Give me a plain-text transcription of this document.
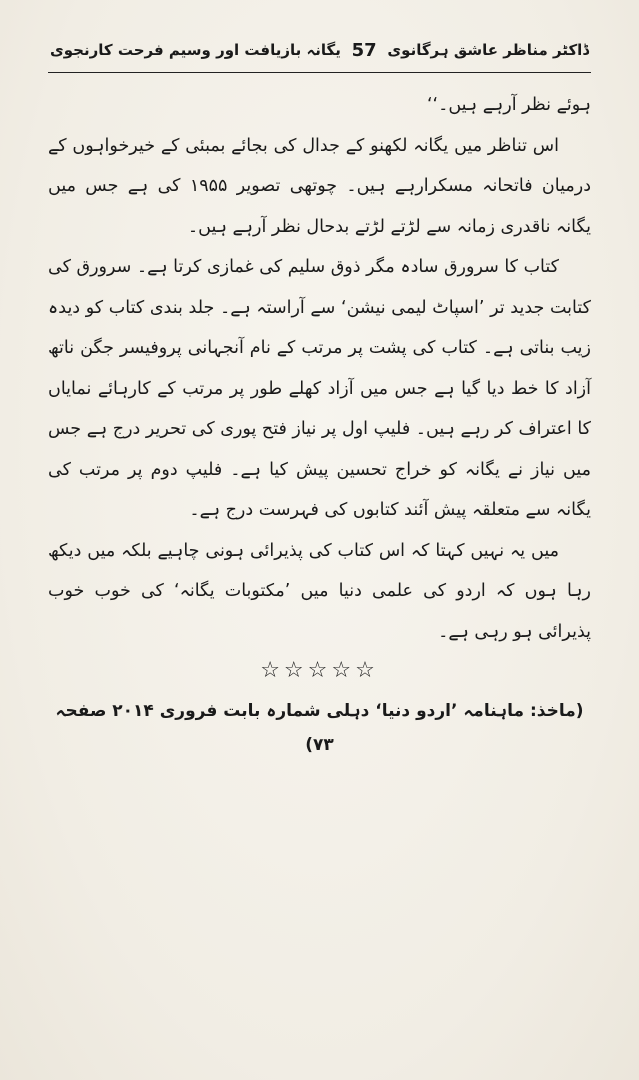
ڈاکٹر مناظر عاشق ہرگانوی
57
یگانہ بازیافت اور وسیم فرحت کارنجوی

ہوئے نظر آرہے ہیں۔‘‘

اس تناظر میں یگانہ لکھنو کے جدال کی بجائے بمبئی کے خیرخواہوں کے درمیان فاتحانہ مسکرارہے ہیں۔ چوتھی تصویر ۱۹۵۵ کی ہے جس میں یگانہ ناقدری زمانہ سے لڑتے لڑتے بدحال نظر آرہے ہیں۔

کتاب کا سرورق سادہ مگر ذوق سلیم کی غمازی کرتا ہے۔ سرورق کی کتابت جدید تر ’اسپاٹ لیمی نیشن‘ سے آراستہ ہے۔ جلد بندی کتاب کو دیدہ زیب بناتی ہے۔ کتاب کی پشت پر مرتب کے نام آنجہانی پروفیسر جگن ناتھ آزاد کا خط دیا گیا ہے جس میں آزاد کھلے طور پر مرتب کے کارہائے نمایاں کا اعتراف کر رہے ہیں۔ فلیپ اول پر نیاز فتح پوری کی تحریر درج ہے جس میں نیاز نے یگانہ کو خراج تحسین پیش کیا ہے۔ فلیپ دوم پر مرتب کی یگانہ سے متعلقہ پیش آئند کتابوں کی فہرست درج ہے۔

میں یہ نہیں کہتا کہ اس کتاب کی پذیرائی ہونی چاہیے بلکہ میں دیکھ رہا ہوں کہ اردو کی علمی دنیا میں ’مکتوبات یگانہ‘ کی خوب خوب پذیرائی ہو رہی ہے۔

☆☆☆☆☆
(ماخذ: ماہنامہ ’اردو دنیا‘ دہلی شمارہ بابت فروری ۲۰۱۴ صفحہ ۷۳)
